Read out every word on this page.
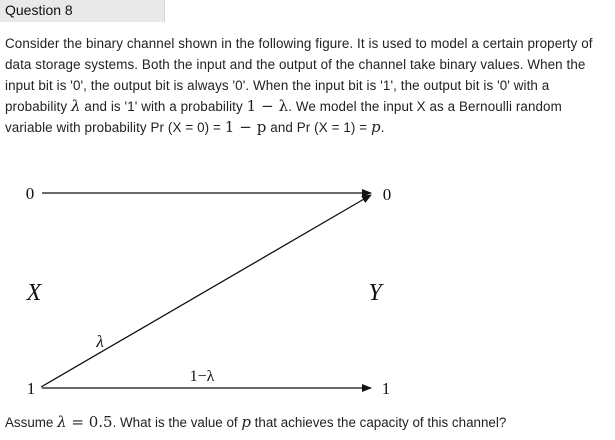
Question 8
Consider the binary channel shown in the following figure. It is used to model a certain property of data storage systems. Both the input and the output of the channel take binary values. When the input bit is '0', the output bit is always '0'. When the input bit is '1', the output bit is '0' with a probability λ and is '1' with a probability 1 − λ. We model the input X as a Bernoulli random variable with probability Pr (X = 0) = 1 − p and Pr (X = 1) = p.
0
1
X
0
1
Y
λ
1−λ
Assume λ = 0.5. What is the value of p that achieves the capacity of this channel?
